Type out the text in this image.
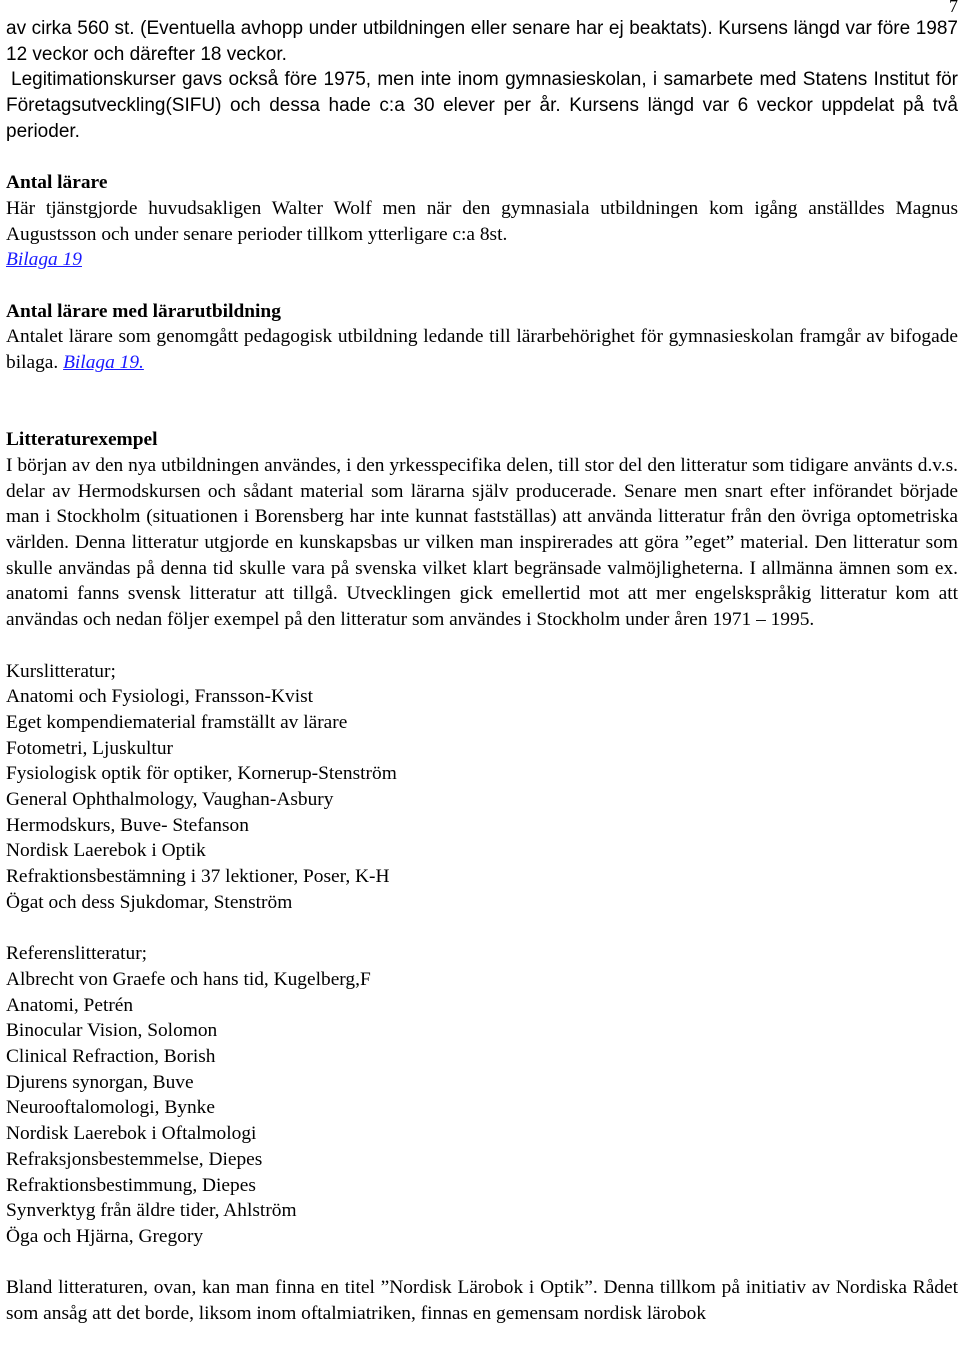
7

av cirka 560 st. (Eventuella avhopp under utbildningen eller senare har ej beaktats). Kursens längd var före 1987 12 veckor och därefter 18 veckor.

Legitimationskurser gavs också före 1975, men inte inom gymnasieskolan, i samarbete med Statens Institut för Företagsutveckling(SIFU) och dessa hade c:a 30 elever per år. Kursens längd var 6 veckor uppdelat på två perioder.

Antal lärare

Här tjänstgjorde huvudsakligen Walter Wolf men när den gymnasiala utbildningen kom igång anställdes Magnus Augustsson och under senare perioder tillkom ytterligare c:a 8st.

Bilaga 19

Antal lärare med lärarutbildning

Antalet lärare som genomgått pedagogisk utbildning ledande till lärarbehörighet för gymnasieskolan framgår av bifogade bilaga. Bilaga 19.

Litteraturexempel

I början av den nya utbildningen användes, i den yrkesspecifika delen, till stor del den litteratur som tidigare använts d.v.s. delar av Hermodskursen och sådant material som lärarna själv producerade. Senare men snart efter införandet började man i Stockholm (situationen i Borensberg har inte kunnat fastställas) att använda litteratur från den övriga optometriska världen. Denna litteratur utgjorde en kunskapsbas ur vilken man inspirerades att göra ”eget” material. Den litteratur som skulle användas på denna tid skulle vara på svenska vilket klart begränsade valmöjligheterna. I allmänna ämnen som ex. anatomi fanns svensk litteratur att tillgå. Utvecklingen gick emellertid mot att mer engelskspråkig litteratur kom att användas och nedan följer exempel på den litteratur som användes i Stockholm under åren 1971 – 1995.

Kurslitteratur;

Anatomi och Fysiologi, Fransson-Kvist
Eget kompendiematerial framställt av lärare
Fotometri, Ljuskultur
Fysiologisk optik för optiker, Kornerup-Stenström
General Ophthalmology, Vaughan-Asbury
Hermodskurs, Buve- Stefanson
Nordisk Laerebok i Optik
Refraktionsbestämning i 37 lektioner, Poser, K-H
Ögat och dess Sjukdomar, Stenström

Referenslitteratur;

Albrecht von Graefe och hans tid, Kugelberg,F
Anatomi, Petrén
Binocular Vision, Solomon
Clinical Refraction, Borish
Djurens synorgan, Buve
Neurooftalomologi, Bynke
Nordisk Laerebok i Oftalmologi
Refraksjonsbestemmelse, Diepes
Refraktionsbestimmung, Diepes
Synverktyg från äldre tider, Ahlström
Öga och Hjärna, Gregory

Bland litteraturen, ovan, kan man finna en titel ”Nordisk Lärobok i Optik”. Denna tillkom på initiativ av Nordiska Rådet som ansåg att det borde, liksom inom oftalmiatriken, finnas en gemensam nordisk lärobok
